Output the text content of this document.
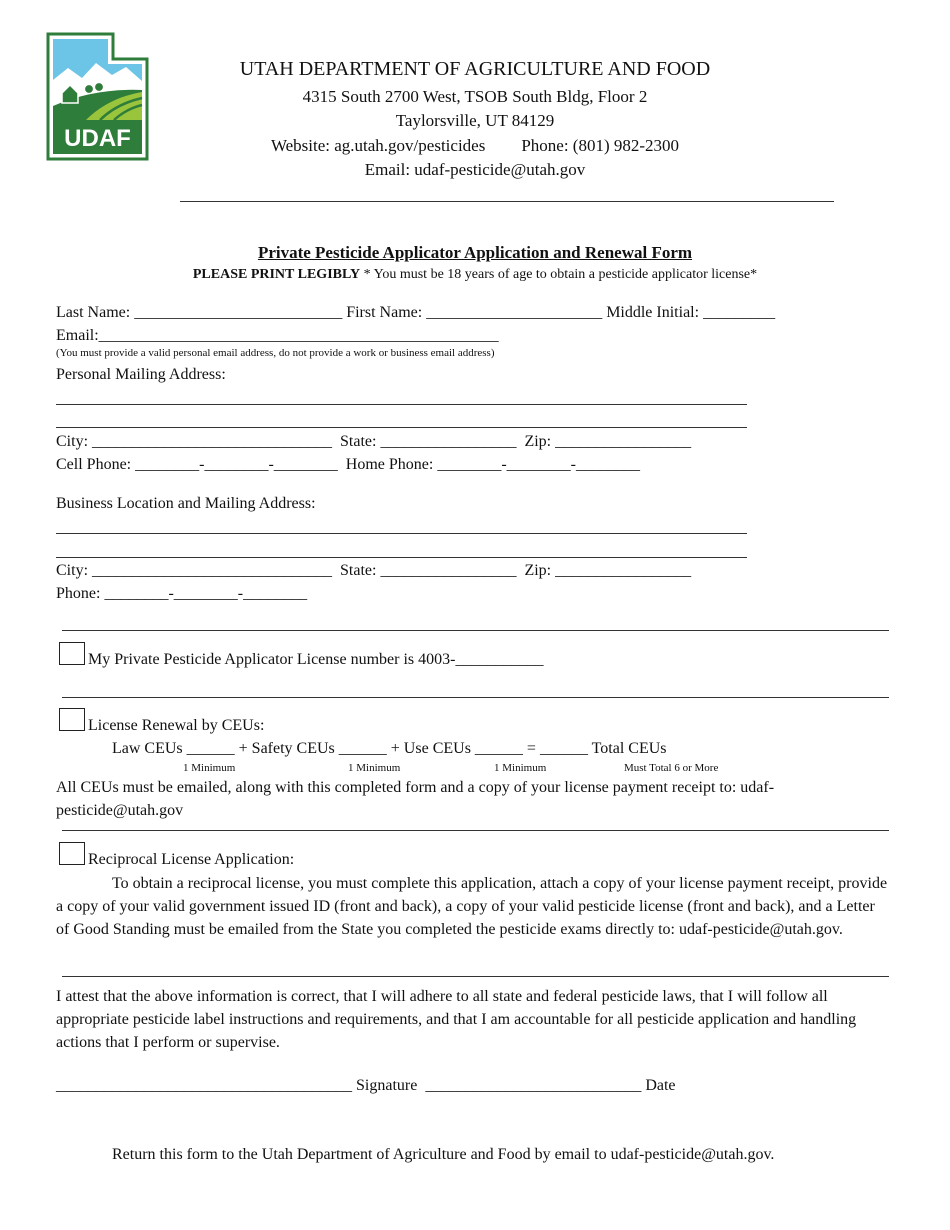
UDAF
UTAH DEPARTMENT OF AGRICULTURE AND FOOD
4315 South 2700 West, TSOB South Bldg, Floor 2
Taylorsville, UT 84129
Website: ag.utah.gov/pesticides Phone: (801) 982-2300
Email: udaf-pesticide@utah.gov
Private Pesticide Applicator Application and Renewal Form
PLEASE PRINT LEGIBLY * You must be 18 years of age to obtain a pesticide applicator license*
Last Name: __________________________ First Name: ______________________ Middle Initial: _________
Email:__________________________________________________
(You must provide a valid personal email address, do not provide a work or business email address)
Personal Mailing Address:
City: ______________________________  State: _________________  Zip: _________________
Cell Phone: ________-________-________  Home Phone: ________-________-________
Business Location and Mailing Address:
City: ______________________________  State: _________________  Zip: _________________
Phone: ________-________-________
My Private Pesticide Applicator License number is 4003-___________
License Renewal by CEUs:
Law CEUs ______ + Safety CEUs ______ + Use CEUs ______ = ______ Total CEUs
1 Minimum	1 Minimum	1 Minimum	Must Total 6 or More
All CEUs must be emailed, along with this completed form and a copy of your license payment receipt to: udaf-pesticide@utah.gov
Reciprocal License Application:
To obtain a reciprocal license, you must complete this application, attach a copy of your license payment receipt, provide a copy of your valid government issued ID (front and back), a copy of your valid pesticide license (front and back), and a Letter of Good Standing must be emailed from the State you completed the pesticide exams directly to: udaf-pesticide@utah.gov.
I attest that the above information is correct, that I will adhere to all state and federal pesticide laws, that I will follow all appropriate pesticide label instructions and requirements, and that I am accountable for all pesticide application and handling actions that I perform or supervise.
_____________________________________ Signature  ___________________________ Date
Return this form to the Utah Department of Agriculture and Food by email to udaf-pesticide@utah.gov.
